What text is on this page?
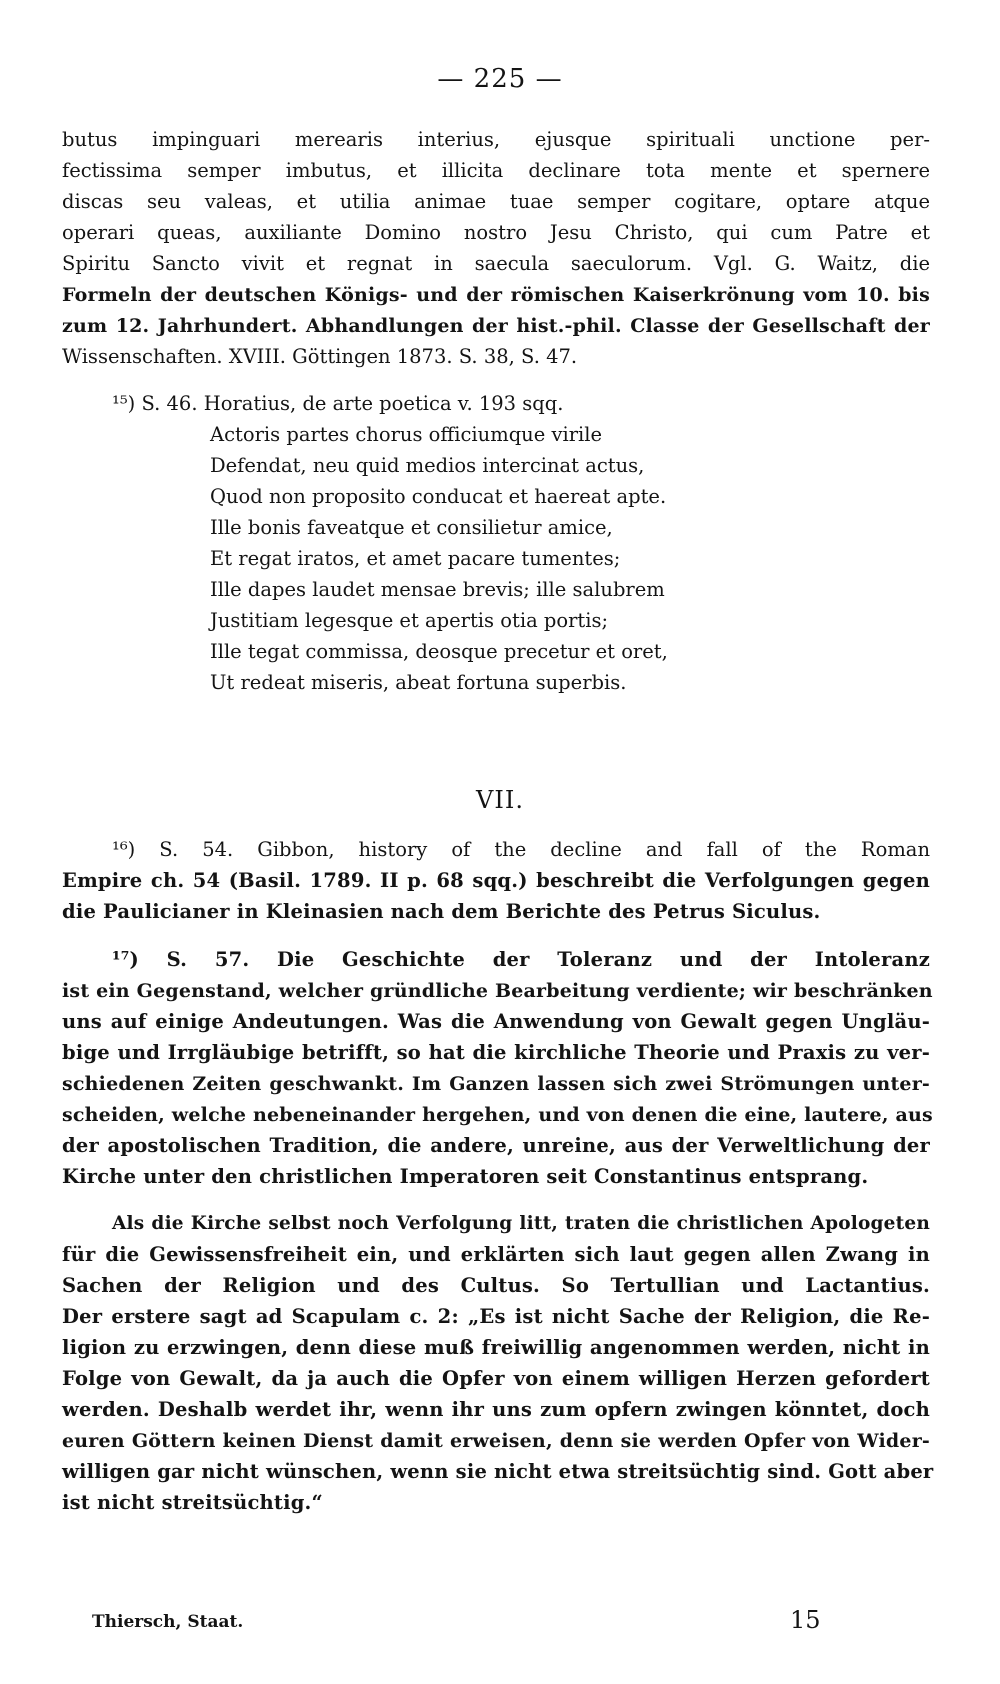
— 225 —
butus impinguari merearis interius, ejusque spirituali unctione per-
fectissima semper imbutus, et illicita declinare tota mente et spernere
discas seu valeas, et utilia animae tuae semper cogitare, optare atque
operari queas, auxiliante Domino nostro Jesu Christo, qui cum Patre et
Spiritu Sancto vivit et regnat in saecula saeculorum. Vgl. G. Waitz, die
Formeln der deutschen Königs- und der römischen Kaiserkrönung vom 10. bis
zum 12. Jahrhundert. Abhandlungen der hist.-phil. Classe der Gesellschaft der
Wissenschaften. XVIII. Göttingen 1873. S. 38, S. 47.
¹⁵) S. 46. Horatius, de arte poetica v. 193 sqq.
Actoris partes chorus officiumque virile
Defendat, neu quid medios intercinat actus,
Quod non proposito conducat et haereat apte.
Ille bonis faveatque et consilietur amice,
Et regat iratos, et amet pacare tumentes;
Ille dapes laudet mensae brevis; ille salubrem
Justitiam legesque et apertis otia portis;
Ille tegat commissa, deosque precetur et oret,
Ut redeat miseris, abeat fortuna superbis.
VII.
¹⁶) S. 54. Gibbon, history of the decline and fall of the Roman
Empire ch. 54 (Basil. 1789. II p. 68 sqq.) beschreibt die Verfolgungen gegen
die Paulicianer in Kleinasien nach dem Berichte des Petrus Siculus.
¹⁷) S. 57. Die Geschichte der Toleranz und der Intoleranz
ist ein Gegenstand, welcher gründliche Bearbeitung verdiente; wir beschränken
uns auf einige Andeutungen. Was die Anwendung von Gewalt gegen Ungläu-
bige und Irrgläubige betrifft, so hat die kirchliche Theorie und Praxis zu ver-
schiedenen Zeiten geschwankt. Im Ganzen lassen sich zwei Strömungen unter-
scheiden, welche nebeneinander hergehen, und von denen die eine, lautere, aus
der apostolischen Tradition, die andere, unreine, aus der Verweltlichung der
Kirche unter den christlichen Imperatoren seit Constantinus entsprang.
Als die Kirche selbst noch Verfolgung litt, traten die christlichen Apologeten
für die Gewissensfreiheit ein, und erklärten sich laut gegen allen Zwang in
Sachen der Religion und des Cultus. So Tertullian und Lactantius.
Der erstere sagt ad Scapulam c. 2: „Es ist nicht Sache der Religion, die Re-
ligion zu erzwingen, denn diese muß freiwillig angenommen werden, nicht in
Folge von Gewalt, da ja auch die Opfer von einem willigen Herzen gefordert
werden. Deshalb werdet ihr, wenn ihr uns zum opfern zwingen könntet, doch
euren Göttern keinen Dienst damit erweisen, denn sie werden Opfer von Wider-
willigen gar nicht wünschen, wenn sie nicht etwa streitsüchtig sind. Gott aber
ist nicht streitsüchtig.“
Thiersch, Staat.	15
